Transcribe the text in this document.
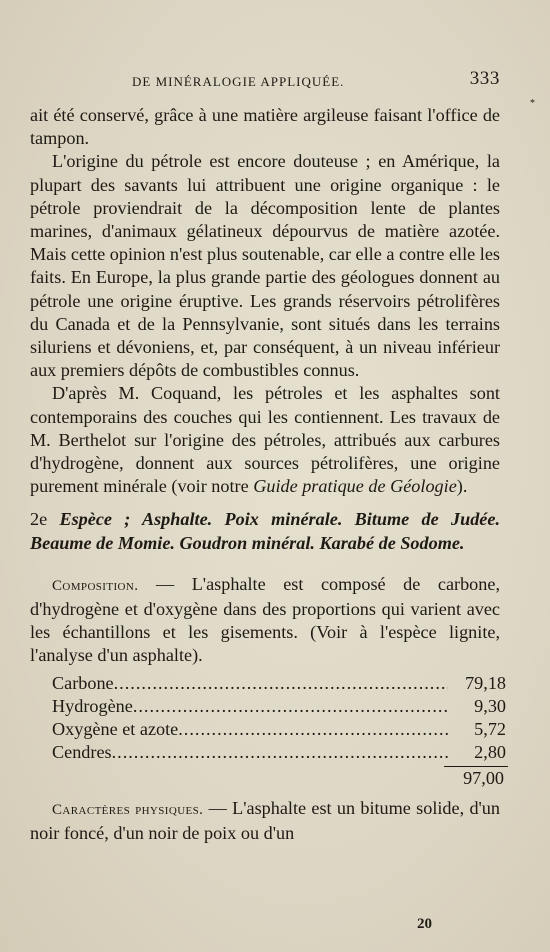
DE MINÉRALOGIE APPLIQUÉE.	333
*

ait été conservé, grâce à une matière argileuse faisant l'office de tampon.

L'origine du pétrole est encore douteuse ; en Amérique, la plupart des savants lui attribuent une origine organique : le pétrole proviendrait de la décomposition lente de plantes marines, d'animaux gélatineux dépourvus de matière azotée. Mais cette opinion n'est plus soutenable, car elle a contre elle les faits. En Europe, la plus grande partie des géologues donnent au pétrole une origine éruptive. Les grands réservoirs pétrolifères du Canada et de la Pennsylvanie, sont situés dans les terrains siluriens et dévoniens, et, par conséquent, à un niveau inférieur aux premiers dépôts de combustibles connus.

D'après M. Coquand, les pétroles et les asphaltes sont contemporains des couches qui les contiennent. Les travaux de M. Berthelot sur l'origine des pétroles, attribués aux carbures d'hydrogène, donnent aux sources pétrolifères, une origine purement minérale (voir notre Guide pratique de Géologie).

2e Espèce ; Asphalte. Poix minérale. Bitume de Judée. Beaume de Momie. Goudron minéral. Karabé de Sodome.

Composition. — L'asphalte est composé de carbone, d'hydrogène et d'oxygène dans des proportions qui varient avec les échantillons et les gisements. (Voir à l'espèce lignite, l'analyse d'un asphalte).

Carbone .....	79,18
Hydrogène .....	9,30
Oxygène et azote .....	5,72
Cendres .....	2,80
97,00

Caractères physiques. — L'asphalte est un bitume solide, d'un noir foncé, d'un noir de poix ou d'un

20
